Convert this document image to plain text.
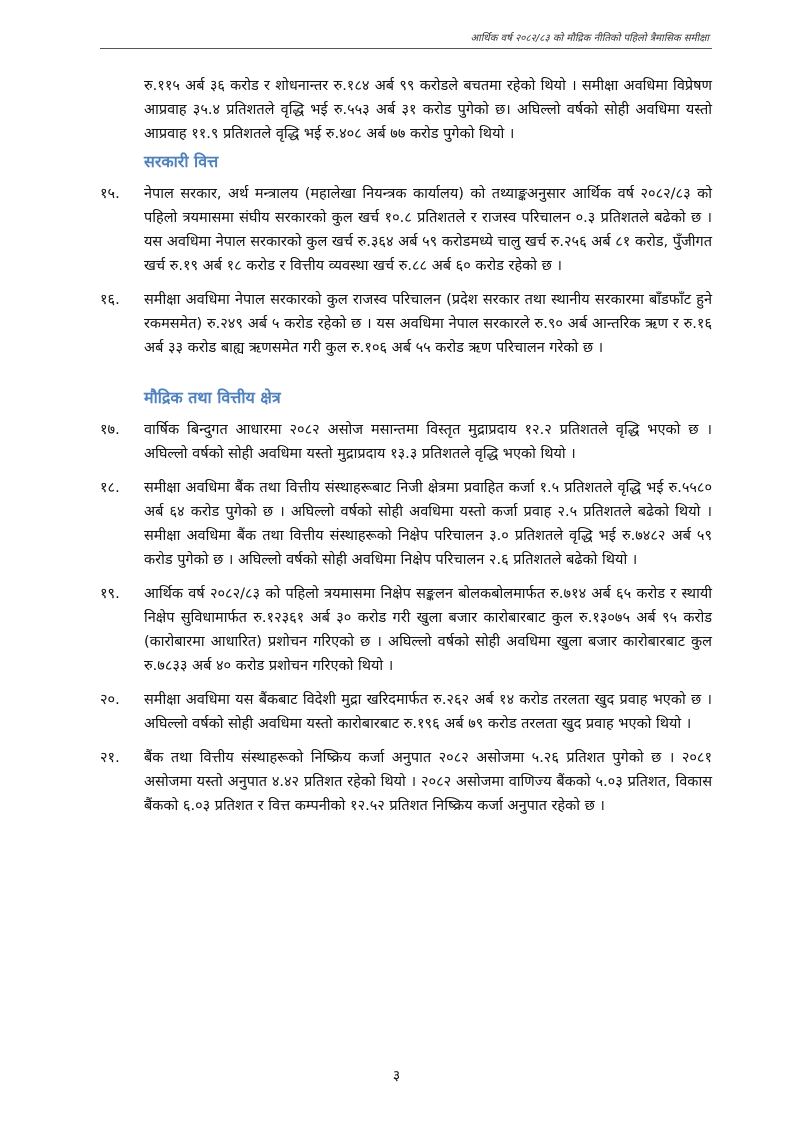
आर्थिक वर्ष २०८२/८३ को मौद्रिक नीतिको पहिलो त्रैमासिक समीक्षा

रु.११५ अर्ब ३६ करोड र शोधनान्तर रु.१८४ अर्ब ९९ करोडले बचतमा रहेको थियो । समीक्षा अवधिमा विप्रेषण आप्रवाह ३५.४ प्रतिशतले वृद्धि भई रु.५५३ अर्ब ३१ करोड पुगेको छ। अघिल्लो वर्षको सोही अवधिमा यस्तो आप्रवाह ११.९ प्रतिशतले वृद्धि भई रु.४०८ अर्ब ७७ करोड पुगेको थियो ।

सरकारी वित्त

१५. नेपाल सरकार, अर्थ मन्त्रालय (महालेखा नियन्त्रक कार्यालय) को तथ्याङ्कअनुसार आर्थिक वर्ष २०८२/८३ को पहिलो त्रयमासमा संघीय सरकारको कुल खर्च १०.८ प्रतिशतले र राजस्व परिचालन ०.३ प्रतिशतले बढेको छ । यस अवधिमा नेपाल सरकारको कुल खर्च रु.३६४ अर्ब ५९ करोडमध्ये चालु खर्च रु.२५६ अर्ब ८१ करोड, पुँजीगत खर्च रु.१९ अर्ब १८ करोड र वित्तीय व्यवस्था खर्च रु.८८ अर्ब ६० करोड रहेको छ ।

१६. समीक्षा अवधिमा नेपाल सरकारको कुल राजस्व परिचालन (प्रदेश सरकार तथा स्थानीय सरकारमा बाँडफाँट हुने रकमसमेत) रु.२४९ अर्ब ५ करोड रहेको छ । यस अवधिमा नेपाल सरकारले रु.९० अर्ब आन्तरिक ऋण र रु.१६ अर्ब ३३ करोड बाह्य ऋणसमेत गरी कुल रु.१०६ अर्ब ५५ करोड ऋण परिचालन गरेको छ ।

मौद्रिक तथा वित्तीय क्षेत्र

१७. वार्षिक बिन्दुगत आधारमा २०८२ असोज मसान्तमा विस्तृत मुद्राप्रदाय १२.२ प्रतिशतले वृद्धि भएको छ । अघिल्लो वर्षको सोही अवधिमा यस्तो मुद्राप्रदाय १३.३ प्रतिशतले वृद्धि भएको थियो ।

१८. समीक्षा अवधिमा बैंक तथा वित्तीय संस्थाहरूबाट निजी क्षेत्रमा प्रवाहित कर्जा १.५ प्रतिशतले वृद्धि भई रु.५५८० अर्ब ६४ करोड पुगेको छ । अघिल्लो वर्षको सोही अवधिमा यस्तो कर्जा प्रवाह २.५ प्रतिशतले बढेको थियो । समीक्षा अवधिमा बैंक तथा वित्तीय संस्थाहरूको निक्षेप परिचालन ३.० प्रतिशतले वृद्धि भई रु.७४८२ अर्ब ५९ करोड पुगेको छ । अघिल्लो वर्षको सोही अवधिमा निक्षेप परिचालन २.६ प्रतिशतले बढेको थियो ।

१९. आर्थिक वर्ष २०८२/८३ को पहिलो त्रयमासमा निक्षेप सङ्कलन बोलकबोलमार्फत रु.७१४ अर्ब ६५ करोड र स्थायी निक्षेप सुविधामार्फत रु.१२३६१ अर्ब ३० करोड गरी खुला बजार कारोबारबाट कुल रु.१३०७५ अर्ब ९५ करोड (कारोबारमा आधारित) प्रशोचन गरिएको छ । अघिल्लो वर्षको सोही अवधिमा खुला बजार कारोबारबाट कुल रु.७८३३ अर्ब ४० करोड प्रशोचन गरिएको थियो ।

२०. समीक्षा अवधिमा यस बैंकबाट विदेशी मुद्रा खरिदमार्फत रु.२६२ अर्ब १४ करोड तरलता खुद प्रवाह भएको छ । अघिल्लो वर्षको सोही अवधिमा यस्तो कारोबारबाट रु.१९६ अर्ब ७९ करोड तरलता खुद प्रवाह भएको थियो ।

२१. बैंक तथा वित्तीय संस्थाहरूको निष्क्रिय कर्जा अनुपात २०८२ असोजमा ५.२६ प्रतिशत पुगेको छ । २०८१ असोजमा यस्तो अनुपात ४.४२ प्रतिशत रहेको थियो । २०८२ असोजमा वाणिज्य बैंकको ५.०३ प्रतिशत, विकास बैंकको ६.०३ प्रतिशत र वित्त कम्पनीको १२.५२ प्रतिशत निष्क्रिय कर्जा अनुपात रहेको छ ।

३
